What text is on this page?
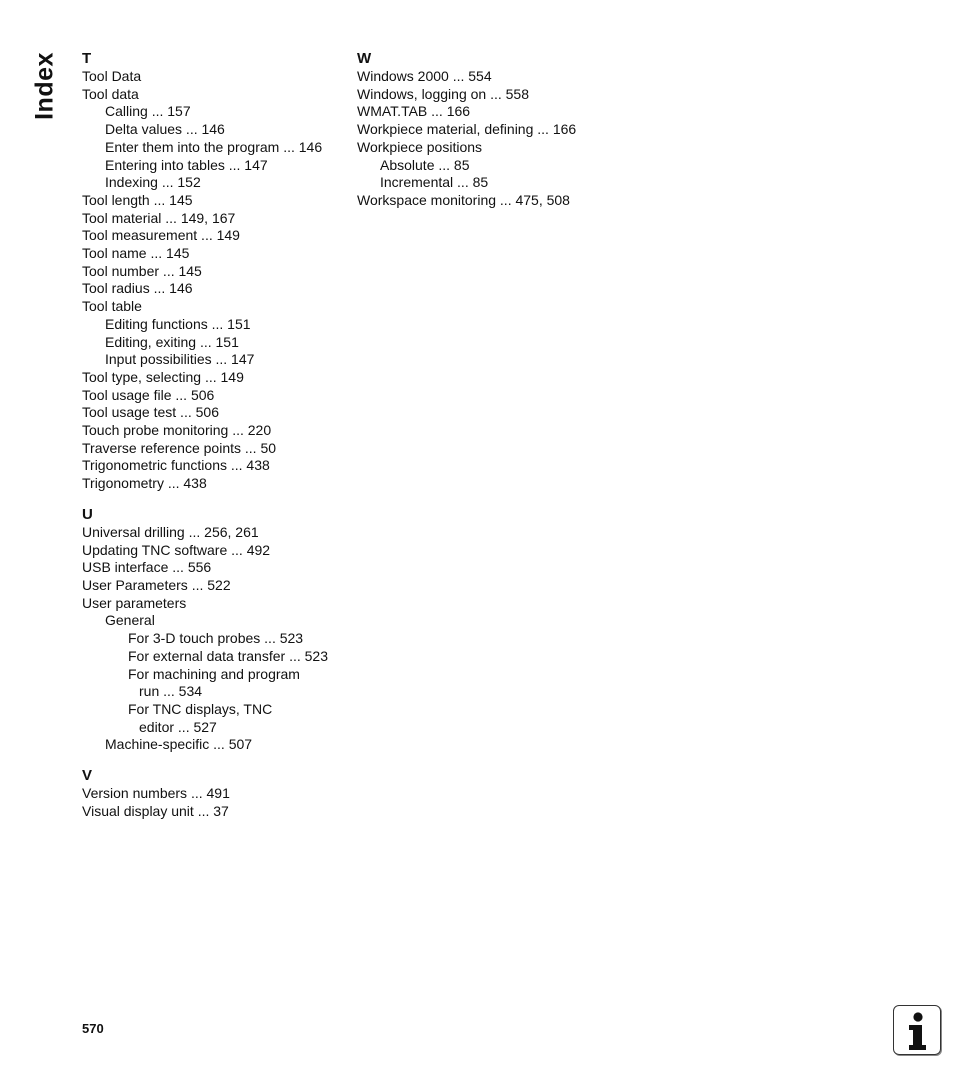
Index T
Tool Data
Tool data
Calling ... 157
Delta values ... 146
Enter them into the program ... 146
Entering into tables ... 147
Indexing ... 152
Tool length ... 145
Tool material ... 149, 167
Tool measurement ... 149
Tool name ... 145
Tool number ... 145
Tool radius ... 146
Tool table
Editing functions ... 151
Editing, exiting ... 151
Input possibilities ... 147
Tool type, selecting ... 149
Tool usage file ... 506
Tool usage test ... 506
Touch probe monitoring ... 220
Traverse reference points ... 50
Trigonometric functions ... 438
Trigonometry ... 438
U
Universal drilling ... 256, 261
Updating TNC software ... 492
USB interface ... 556
User Parameters ... 522
User parameters
General
For 3-D touch probes ... 523
For external data transfer ... 523
For machining and program
run ... 534
For TNC displays, TNC
editor ... 527
Machine-specific ... 507
V
Version numbers ... 491
Visual display unit ... 37
W
Windows 2000 ... 554
Windows, logging on ... 558
WMAT.TAB ... 166
Workpiece material, defining ... 166
Workpiece positions
Absolute ... 85
Incremental ... 85
Workspace monitoring ... 475, 508
570
